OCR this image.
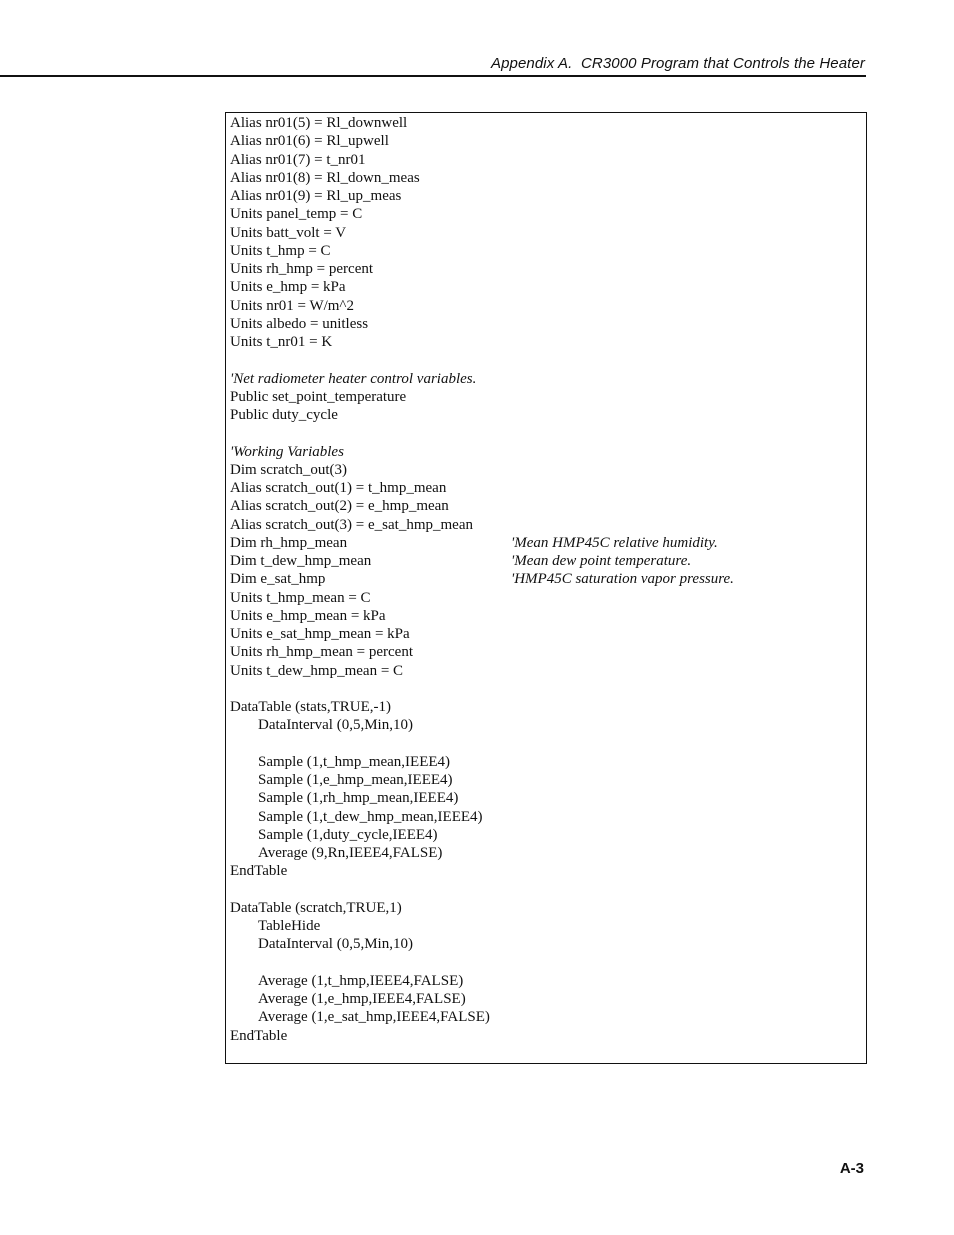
Appendix A.  CR3000 Program that Controls the Heater
Alias nr01(5) = Rl_downwell
Alias nr01(6) = Rl_upwell
Alias nr01(7) = t_nr01
Alias nr01(8) = Rl_down_meas
Alias nr01(9) = Rl_up_meas
Units panel_temp = C
Units batt_volt = V
Units t_hmp = C
Units rh_hmp = percent
Units e_hmp = kPa
Units nr01 = W/m^2
Units albedo = unitless
Units t_nr01 = K
'Net radiometer heater control variables.
Public set_point_temperature
Public duty_cycle
'Working Variables
Dim scratch_out(3)
Alias scratch_out(1) = t_hmp_mean
Alias scratch_out(2) = e_hmp_mean
Alias scratch_out(3) = e_sat_hmp_mean
Dim rh_hmp_mean	'Mean HMP45C relative humidity.
Dim t_dew_hmp_mean	'Mean dew point temperature.
Dim e_sat_hmp	'HMP45C saturation vapor pressure.
Units t_hmp_mean = C
Units e_hmp_mean = kPa
Units e_sat_hmp_mean = kPa
Units rh_hmp_mean = percent
Units t_dew_hmp_mean = C
DataTable (stats,TRUE,-1)
DataInterval (0,5,Min,10)
Sample (1,t_hmp_mean,IEEE4)
Sample (1,e_hmp_mean,IEEE4)
Sample (1,rh_hmp_mean,IEEE4)
Sample (1,t_dew_hmp_mean,IEEE4)
Sample (1,duty_cycle,IEEE4)
Average (9,Rn,IEEE4,FALSE)
EndTable
DataTable (scratch,TRUE,1)
TableHide
DataInterval (0,5,Min,10)
Average (1,t_hmp,IEEE4,FALSE)
Average (1,e_hmp,IEEE4,FALSE)
Average (1,e_sat_hmp,IEEE4,FALSE)
EndTable
A-3
